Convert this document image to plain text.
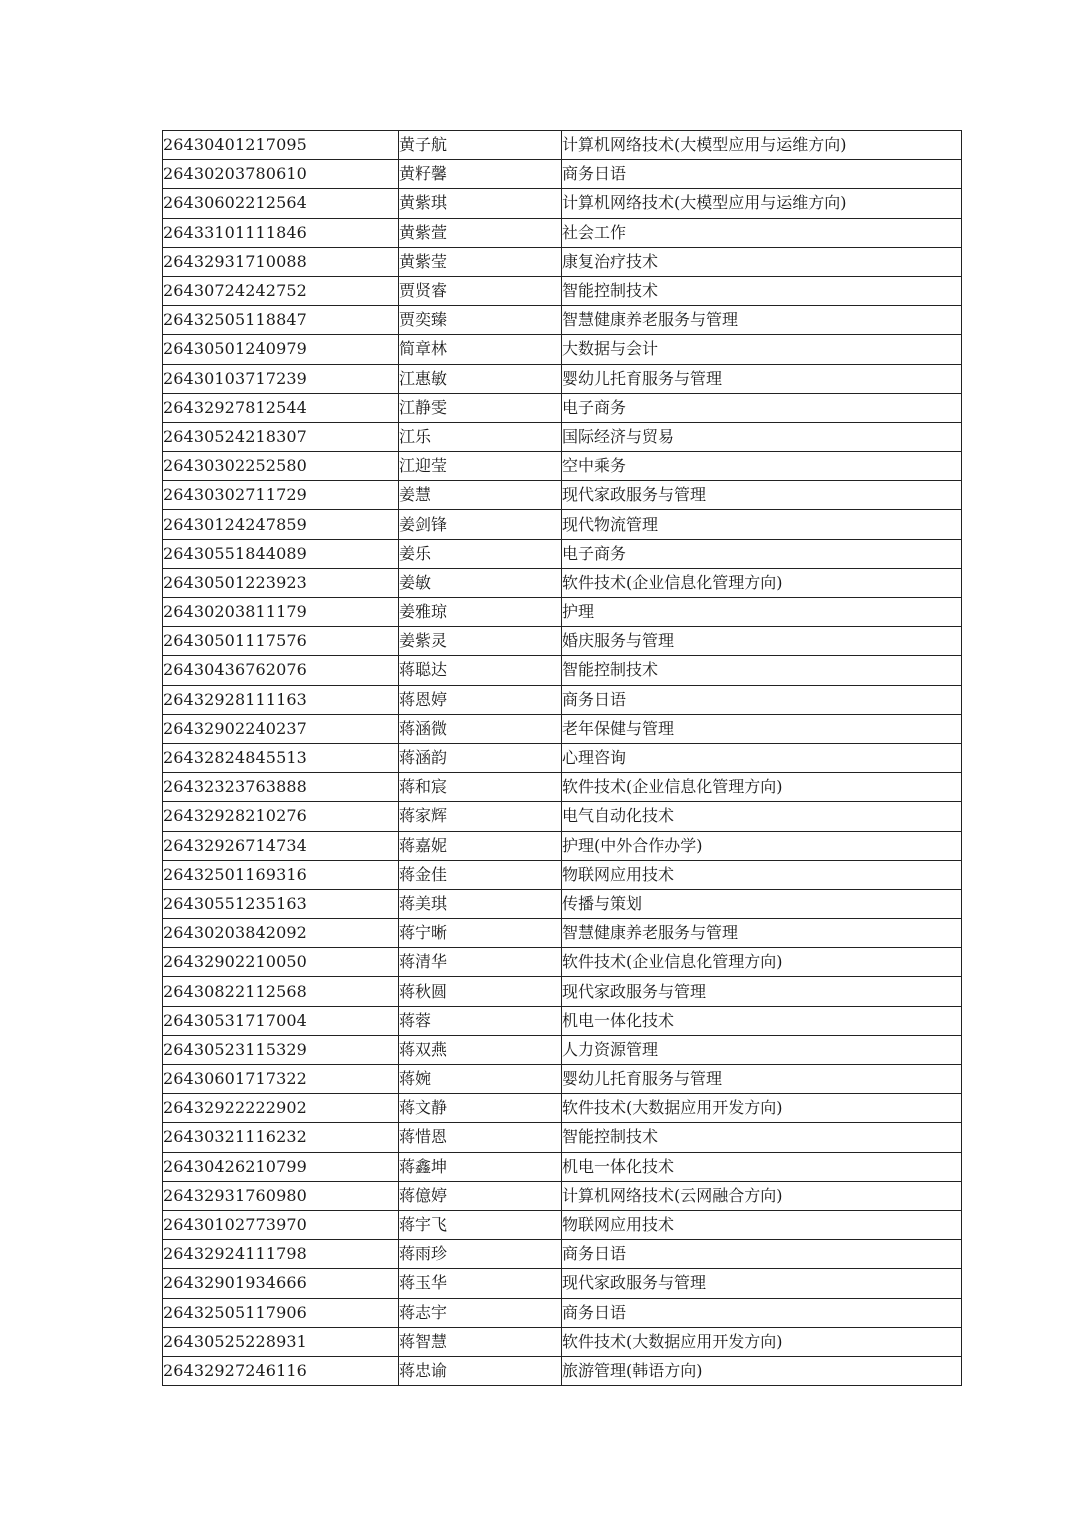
26430401217095	黄子航	计算机网络技术(大模型应用与运维方向)
26430203780610	黄籽馨	商务日语
26430602212564	黄紫琪	计算机网络技术(大模型应用与运维方向)
26433101111846	黄紫萱	社会工作
26432931710088	黄紫莹	康复治疗技术
26430724242752	贾贤睿	智能控制技术
26432505118847	贾奕臻	智慧健康养老服务与管理
26430501240979	简章林	大数据与会计
26430103717239	江惠敏	婴幼儿托育服务与管理
26432927812544	江静雯	电子商务
26430524218307	江乐	国际经济与贸易
26430302252580	江迎莹	空中乘务
26430302711729	姜慧	现代家政服务与管理
26430124247859	姜剑锋	现代物流管理
26430551844089	姜乐	电子商务
26430501223923	姜敏	软件技术(企业信息化管理方向)
26430203811179	姜雅琼	护理
26430501117576	姜紫灵	婚庆服务与管理
26430436762076	蒋聪达	智能控制技术
26432928111163	蒋恩婷	商务日语
26432902240237	蒋涵微	老年保健与管理
26432824845513	蒋涵韵	心理咨询
26432323763888	蒋和宸	软件技术(企业信息化管理方向)
26432928210276	蒋家辉	电气自动化技术
26432926714734	蒋嘉妮	护理(中外合作办学)
26432501169316	蒋金佳	物联网应用技术
26430551235163	蒋美琪	传播与策划
26430203842092	蒋宁晰	智慧健康养老服务与管理
26432902210050	蒋清华	软件技术(企业信息化管理方向)
26430822112568	蒋秋圆	现代家政服务与管理
26430531717004	蒋蓉	机电一体化技术
26430523115329	蒋双燕	人力资源管理
26430601717322	蒋婉	婴幼儿托育服务与管理
26432922222902	蒋文静	软件技术(大数据应用开发方向)
26430321116232	蒋惜恩	智能控制技术
26430426210799	蒋鑫坤	机电一体化技术
26432931760980	蒋億婷	计算机网络技术(云网融合方向)
26430102773970	蒋宇飞	物联网应用技术
26432924111798	蒋雨珍	商务日语
26432901934666	蒋玉华	现代家政服务与管理
26432505117906	蒋志宇	商务日语
26430525228931	蒋智慧	软件技术(大数据应用开发方向)
26432927246116	蒋忠谕	旅游管理(韩语方向)
